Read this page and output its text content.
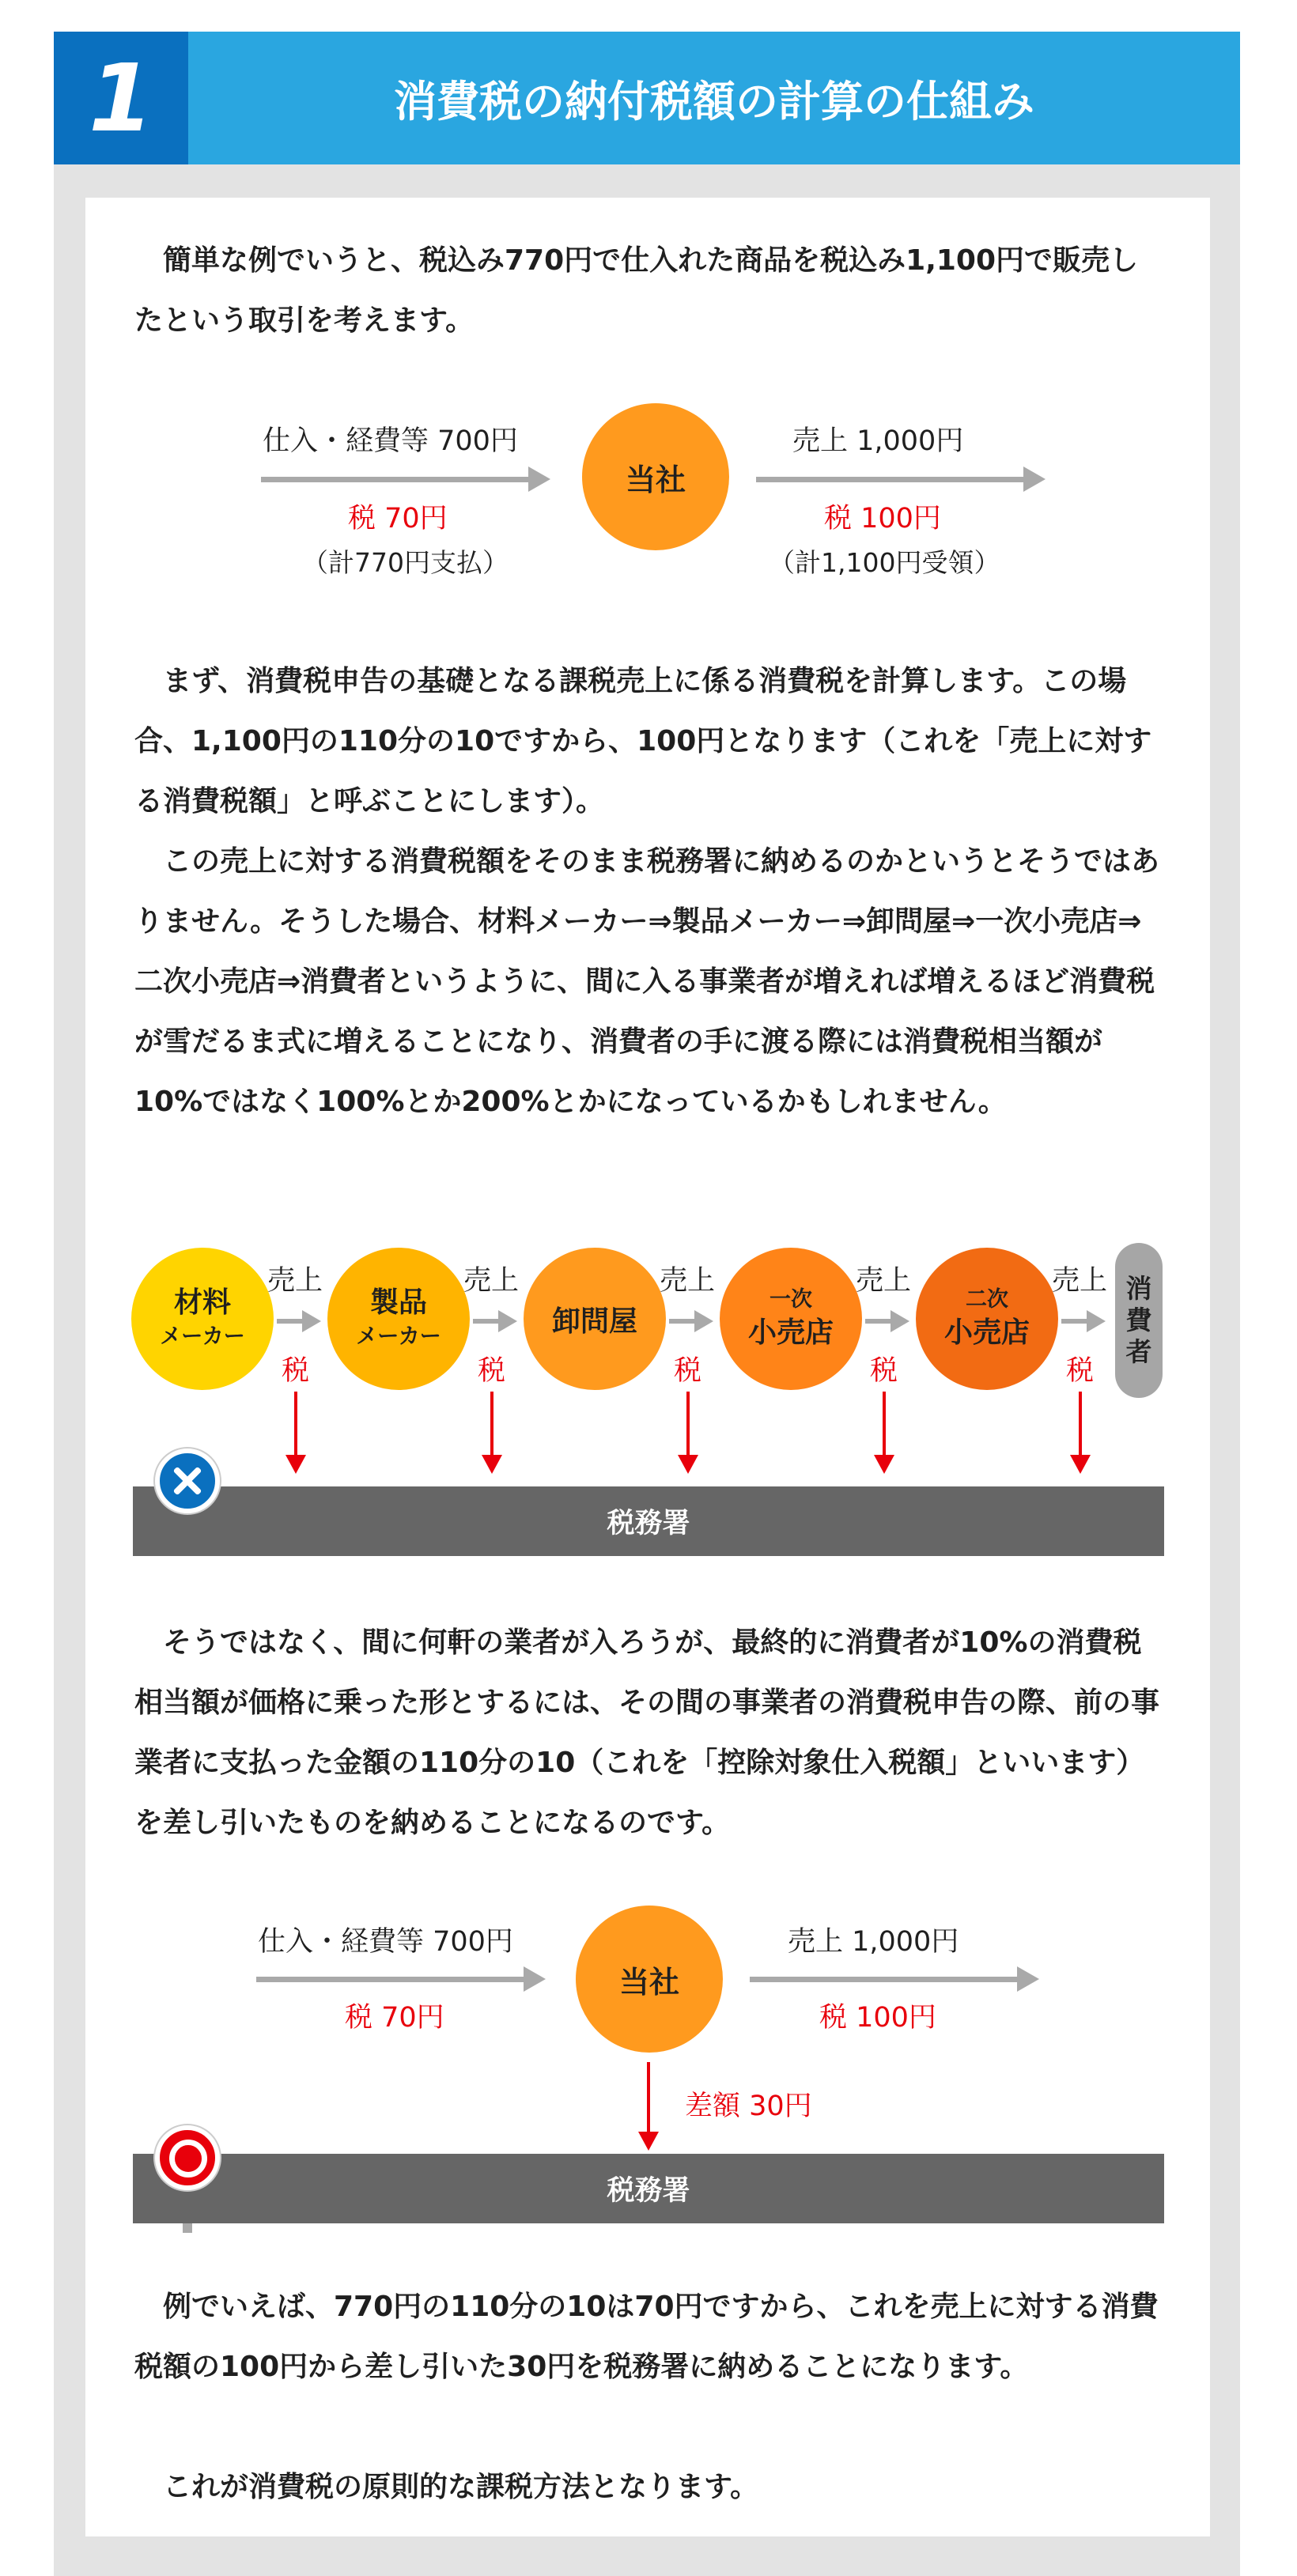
1	消費税の納付税額の計算の仕組み

簡単な例でいうと、税込み770円で仕入れた商品を税込み1,100円で販売したという取引を考えます。

仕入・経費等 700円
税 70円
（計770円支払）
当社
売上 1,000円
税 100円
（計1,100円受領）

まず、消費税申告の基礎となる課税売上に係る消費税を計算します。この場合、1,100円の110分の10ですから、100円となります（これを「売上に対する消費税額」と呼ぶことにします）。

この売上に対する消費税額をそのまま税務署に納めるのかというとそうではありません。そうした場合、材料メーカー⇒製品メーカー⇒卸問屋⇒一次小売店⇒二次小売店⇒消費者というように、間に入る事業者が増えれば増えるほど消費税が雪だるま式に増えることになり、消費者の手に渡る際には消費税相当額が10%ではなく100%とか200%とかになっているかもしれません。

材料
メーカー
製品
メーカー	卸問屋
一次
小売店
二次
小売店
消
費
者
売上
税
売上
税
売上
税
売上
税
売上
税
税務署

そうではなく、間に何軒の業者が入ろうが、最終的に消費者が10%の消費税相当額が価格に乗った形とするには、その間の事業者の消費税申告の際、前の事業者に支払った金額の110分の10（これを「控除対象仕入税額」といいます）を差し引いたものを納めることになるのです。

仕入・経費等 700円
税 70円
当社
売上 1,000円
税 100円
差額 30円
税務署

例でいえば、770円の110分の10は70円ですから、これを売上に対する消費税額の100円から差し引いた30円を税務署に納めることになります。

これが消費税の原則的な課税方法となります。
